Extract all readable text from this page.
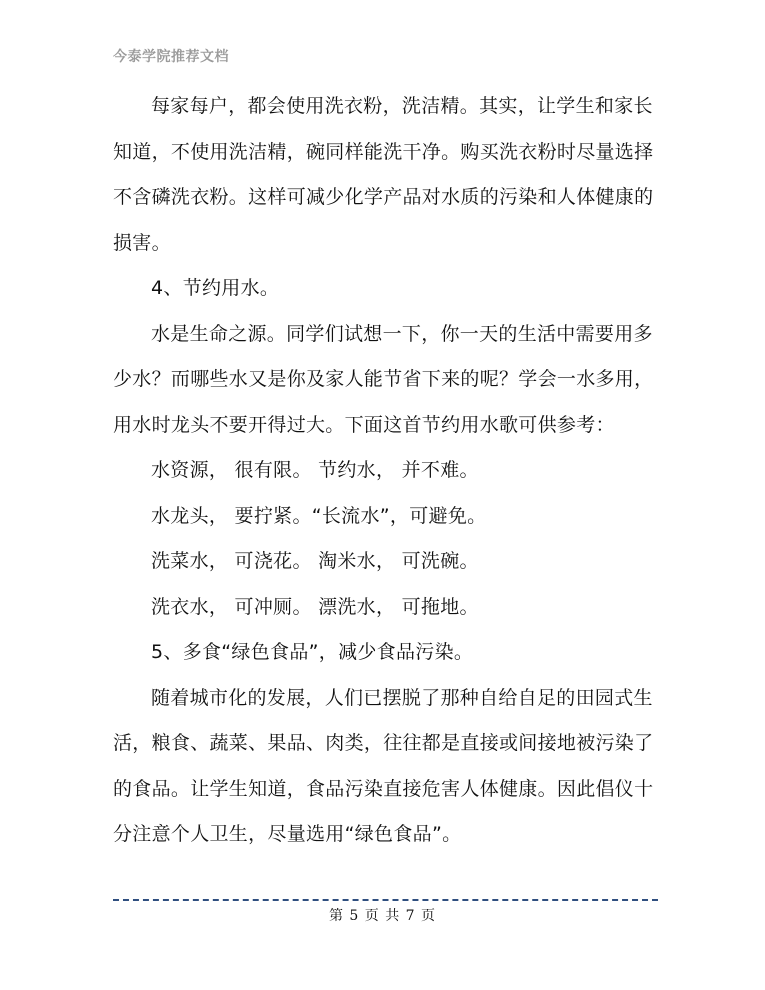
今泰学院推荐文档

每家每户，都会使用洗衣粉，洗洁精。其实，让学生和家长知道，不使用洗洁精，碗同样能洗干净。购买洗衣粉时尽量选择不含磷洗衣粉。这样可减少化学产品对水质的污染和人体健康的损害。

4、节约用水。

水是生命之源。同学们试想一下，你一天的生活中需要用多少水？而哪些水又是你及家人能节省下来的呢？学会一水多用，用水时龙头不要开得过大。下面这首节约用水歌可供参考：

水资源， 很有限。 节约水， 并不难。

水龙头， 要拧紧。“长流水”，可避免。

洗菜水， 可浇花。 淘米水， 可洗碗。

洗衣水， 可冲厕。 漂洗水， 可拖地。

5、多食“绿色食品”，减少食品污染。

随着城市化的发展，人们已摆脱了那种自给自足的田园式生活，粮食、蔬菜、果品、肉类，往往都是直接或间接地被污染了的食品。让学生知道，食品污染直接危害人体健康。因此倡仪十分注意个人卫生，尽量选用“绿色食品”。

第 5 页 共 7 页
